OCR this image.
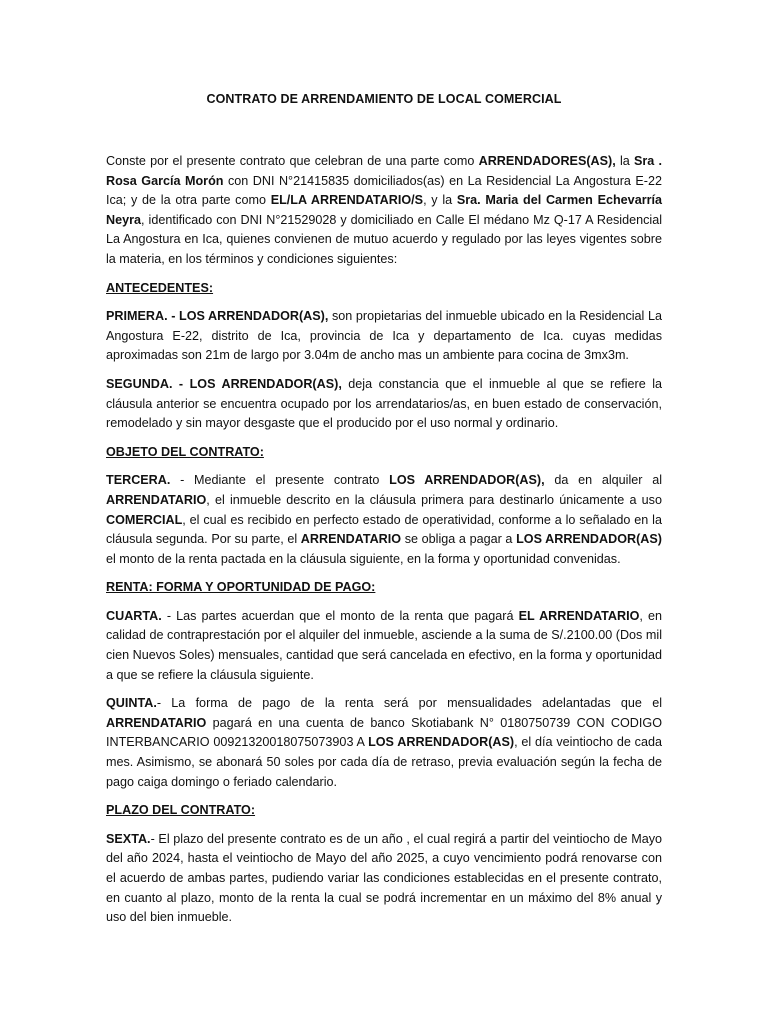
CONTRATO DE ARRENDAMIENTO DE LOCAL COMERCIAL

Conste por el presente contrato que celebran de una parte como ARRENDADORES(AS), la Sra . Rosa García Morón con DNI N°21415835 domiciliados(as) en La Residencial La Angostura E-22 Ica; y de la otra parte como EL/LA ARRENDATARIO/S, y la Sra. Maria del Carmen Echevarría Neyra, identificado con DNI N°21529028 y domiciliado en Calle El médano Mz Q-17 A Residencial La Angostura en Ica, quienes convienen de mutuo acuerdo y regulado por las leyes vigentes sobre la materia, en los términos y condiciones siguientes:

ANTECEDENTES:

PRIMERA. - LOS ARRENDADOR(AS), son propietarias del inmueble ubicado en la Residencial La Angostura E-22, distrito de Ica, provincia de Ica y departamento de Ica. cuyas medidas aproximadas son 21m de largo por 3.04m de ancho mas un ambiente para cocina de 3mx3m.

SEGUNDA. - LOS ARRENDADOR(AS), deja constancia que el inmueble al que se refiere la cláusula anterior se encuentra ocupado por los arrendatarios/as, en buen estado de conservación, remodelado y sin mayor desgaste que el producido por el uso normal y ordinario.

OBJETO DEL CONTRATO:

TERCERA. - Mediante el presente contrato LOS ARRENDADOR(AS), da en alquiler al ARRENDATARIO, el inmueble descrito en la cláusula primera para destinarlo únicamente a uso COMERCIAL, el cual es recibido en perfecto estado de operatividad, conforme a lo señalado en la cláusula segunda. Por su parte, el ARRENDATARIO se obliga a pagar a LOS ARRENDADOR(AS) el monto de la renta pactada en la cláusula siguiente, en la forma y oportunidad convenidas.

RENTA: FORMA Y OPORTUNIDAD DE PAGO:

CUARTA. - Las partes acuerdan que el monto de la renta que pagará EL ARRENDATARIO, en calidad de contraprestación por el alquiler del inmueble, asciende a la suma de S/.2100.00 (Dos mil cien Nuevos Soles) mensuales, cantidad que será cancelada en efectivo, en la forma y oportunidad a que se refiere la cláusula siguiente.

QUINTA.- La forma de pago de la renta será por mensualidades adelantadas que el ARRENDATARIO pagará en una cuenta de banco Skotiabank N° 0180750739 CON CODIGO INTERBANCARIO 00921320018075073903 A LOS ARRENDADOR(AS), el día veintiocho de cada mes. Asimismo, se abonará 50 soles por cada día de retraso, previa evaluación según la fecha de pago caiga domingo o feriado calendario.

PLAZO DEL CONTRATO:

SEXTA.- El plazo del presente contrato es de un año , el cual regirá a partir del veintiocho de Mayo del año 2024, hasta el veintiocho de Mayo del año 2025, a cuyo vencimiento podrá renovarse con el acuerdo de ambas partes, pudiendo variar las condiciones establecidas en el presente contrato, en cuanto al plazo, monto de la renta la cual se podrá incrementar en un máximo del 8% anual y uso del bien inmueble.
